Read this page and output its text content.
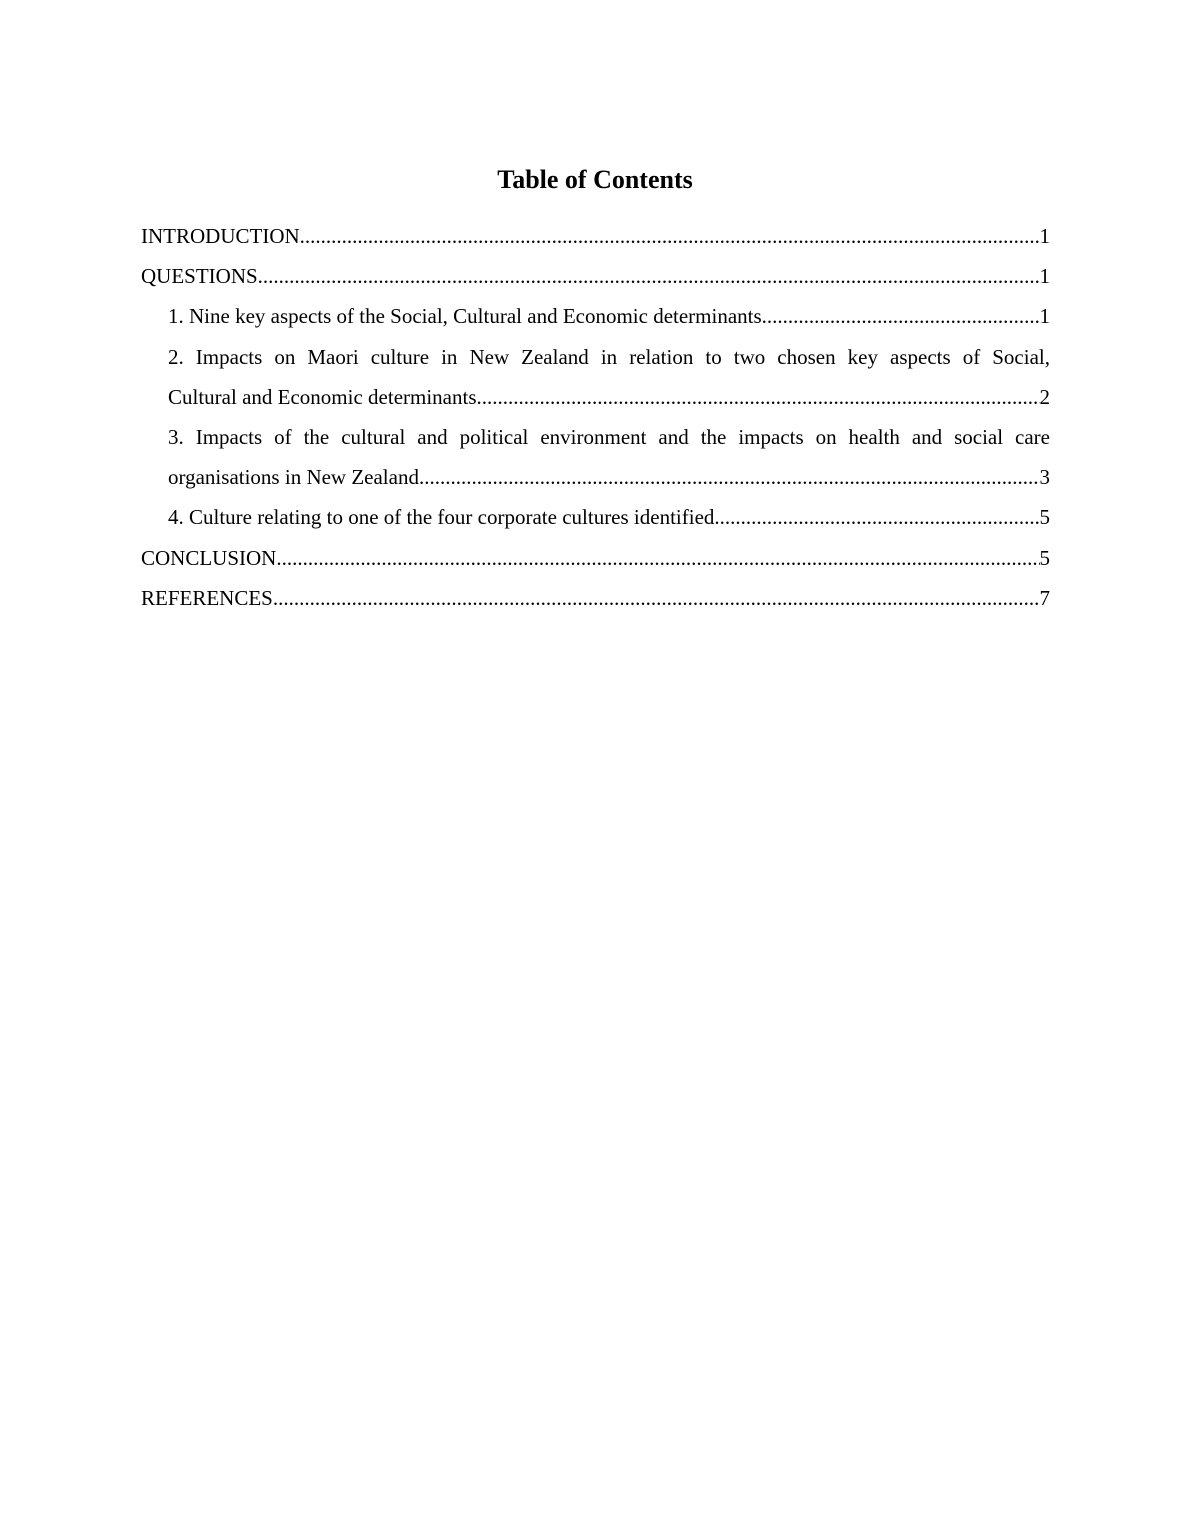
Table of Contents
INTRODUCTION .....	1
QUESTIONS .....	1
1. Nine key aspects of the Social, Cultural and Economic determinants .....	1
2. Impacts on Maori culture in New Zealand in relation to two chosen key aspects of Social,
Cultural and Economic determinants .....	2
3. Impacts of the cultural and political environment and the impacts on health and social care
organisations in New Zealand .....	3
4. Culture relating to one of the four corporate cultures identified .....	5
CONCLUSION .....	5
REFERENCES .....	7
